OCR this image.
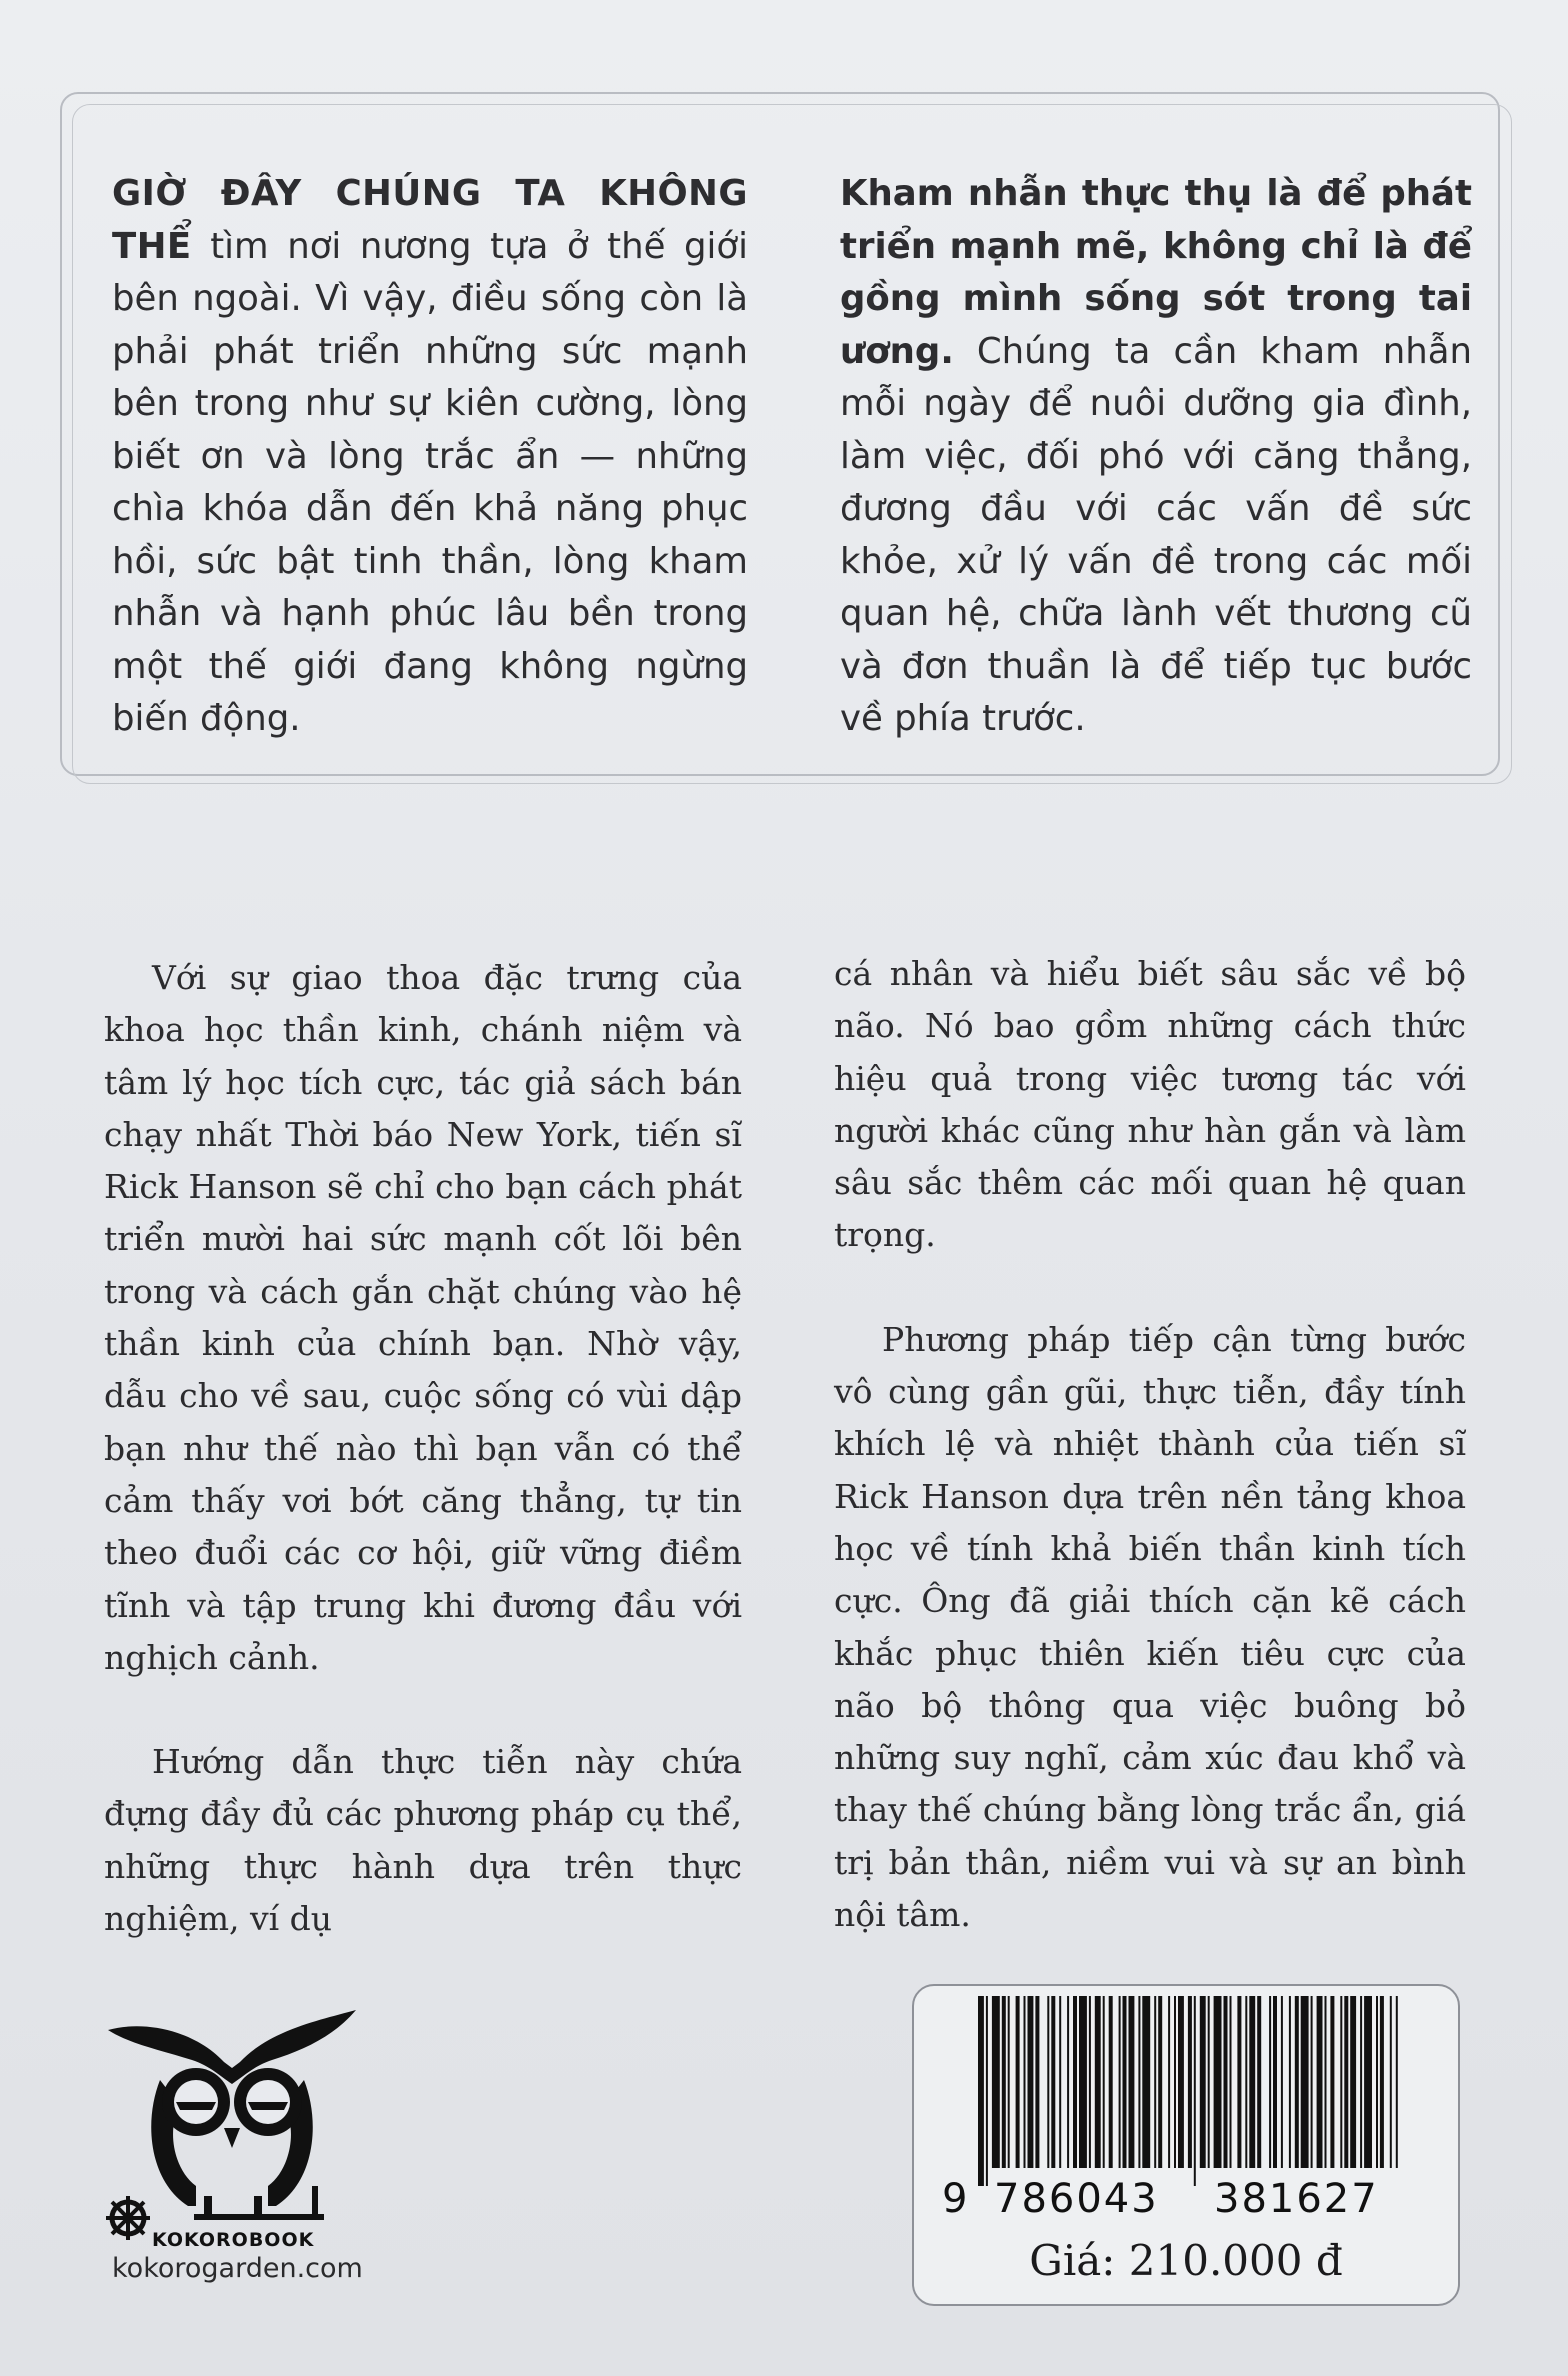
GIỜ ĐÂY CHÚNG TA KHÔNG THỂ tìm nơi nương tựa ở thế giới bên ngoài. Vì vậy, điều sống còn là phải phát triển những sức mạnh bên trong như sự kiên cường, lòng biết ơn và lòng trắc ẩn — những chìa khóa dẫn đến khả năng phục hồi, sức bật tinh thần, lòng kham nhẫn và hạnh phúc lâu bền trong một thế giới đang không ngừng biến động.
Kham nhẫn thực thụ là để phát triển mạnh mẽ, không chỉ là để gồng mình sống sót trong tai ương. Chúng ta cần kham nhẫn mỗi ngày để nuôi dưỡng gia đình, làm việc, đối phó với căng thẳng, đương đầu với các vấn đề sức khỏe, xử lý vấn đề trong các mối quan hệ, chữa lành vết thương cũ và đơn thuần là để tiếp tục bước về phía trước.

Với sự giao thoa đặc trưng của khoa học thần kinh, chánh niệm và tâm lý học tích cực, tác giả sách bán chạy nhất Thời báo New York, tiến sĩ Rick Hanson sẽ chỉ cho bạn cách phát triển mười hai sức mạnh cốt lõi bên trong và cách gắn chặt chúng vào hệ thần kinh của chính bạn. Nhờ vậy, dẫu cho về sau, cuộc sống có vùi dập bạn như thế nào thì bạn vẫn có thể cảm thấy vơi bớt căng thẳng, tự tin theo đuổi các cơ hội, giữ vững điềm tĩnh và tập trung khi đương đầu với nghịch cảnh.

Hướng dẫn thực tiễn này chứa đựng đầy đủ các phương pháp cụ thể, những thực hành dựa trên thực nghiệm, ví dụ

cá nhân và hiểu biết sâu sắc về bộ não. Nó bao gồm những cách thức hiệu quả trong việc tương tác với người khác cũng như hàn gắn và làm sâu sắc thêm các mối quan hệ quan trọng.

Phương pháp tiếp cận từng bước vô cùng gần gũi, thực tiễn, đầy tính khích lệ và nhiệt thành của tiến sĩ Rick Hanson dựa trên nền tảng khoa học về tính khả biến thần kinh tích cực. Ông đã giải thích cặn kẽ cách khắc phục thiên kiến tiêu cực của não bộ thông qua việc buông bỏ những suy nghĩ, cảm xúc đau khổ và thay thế chúng bằng lòng trắc ẩn, giá trị bản thân, niềm vui và sự an bình nội tâm.

KOKOROBOOK
kokorogarden.com
9 786043 381627
Giá: 210.000 đ
